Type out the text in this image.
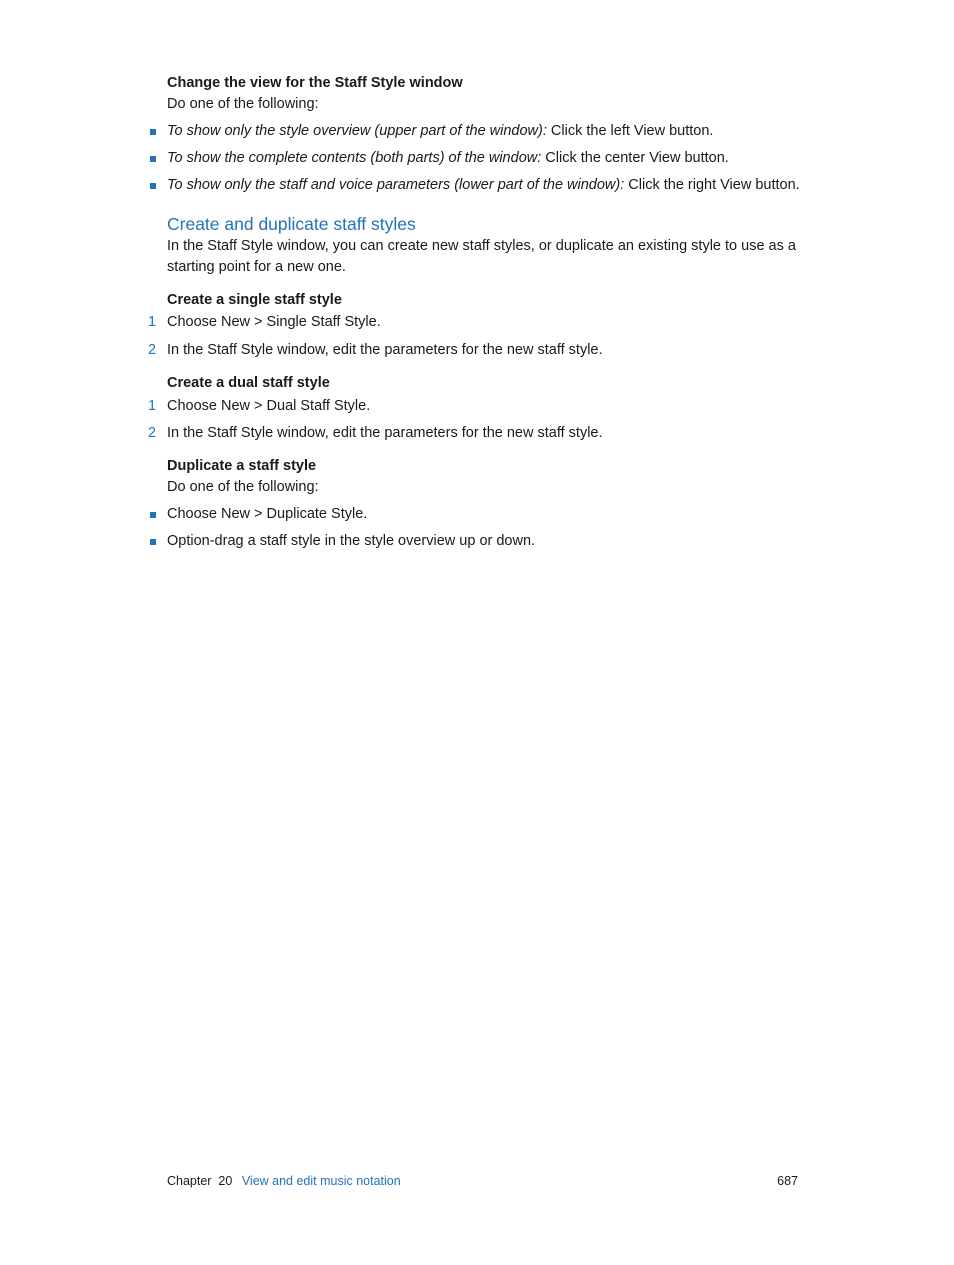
Change the view for the Staff Style window

Do one of the following:

To show only the style overview (upper part of the window): Click the left View button.
To show the complete contents (both parts) of the window: Click the center View button.
To show only the staff and voice parameters (lower part of the window): Click the right View button.
Create and duplicate staff styles

In the Staff Style window, you can create new staff styles, or duplicate an existing style to use as a starting point for a new one.

Create a single staff style

1 Choose New > Single Staff Style.
2 In the Staff Style window, edit the parameters for the new staff style.

Create a dual staff style

1 Choose New > Dual Staff Style.
2 In the Staff Style window, edit the parameters for the new staff style.

Duplicate a staff style

Do one of the following:

Choose New > Duplicate Style.
Option-drag a staff style in the style overview up or down.
Chapter  20 View and edit music notation	687
